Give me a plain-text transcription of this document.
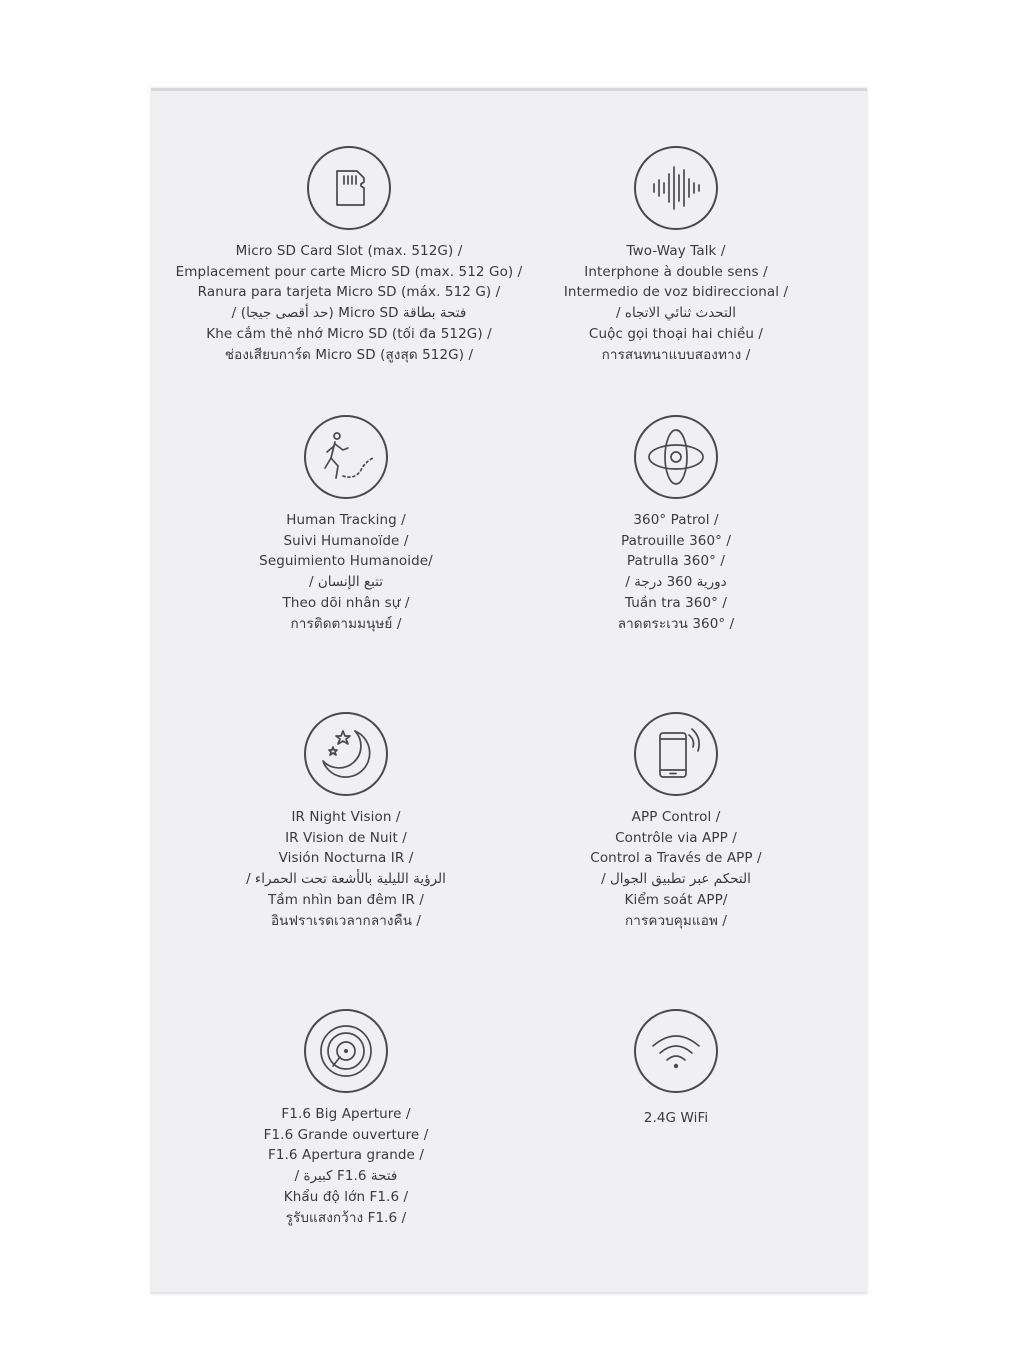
Micro SD Card Slot (max. 512G) /
Emplacement pour carte Micro SD (max. 512 Go) /
Ranura para tarjeta Micro SD (máx. 512 G) /
فتحة بطاقة Micro SD (حد أقصى جيجا) /
Khe cắm thẻ nhớ Micro SD (tối đa 512G) /
ช่องเสียบการ์ด Micro SD (สูงสุด 512G) /
Two-Way Talk /
Interphone à double sens /
Intermedio de voz bidireccional /
التحدث ثنائي الاتجاه /
Cuộc gọi thoại hai chiều /
การสนทนาแบบสองทาง /
Human Tracking /
Suivi Humanoïde /
Seguimiento Humanoide/
تتبع الإنسان /
Theo dõi nhân sự /
การติดตามมนุษย์ /
360° Patrol /
Patrouille 360° /
Patrulla 360° /
دورية 360 درجة /
Tuần tra 360° /
ลาดตระเวน 360° /
IR Night Vision /
IR Vision de Nuit /
Visión Nocturna IR /
الرؤية الليلية بالأشعة تحت الحمراء /
Tầm nhìn ban đêm IR /
อินฟราเรดเวลากลางคืน /
APP Control /
Contrôle via APP /
Control a Través de APP /
التحكم عبر تطبيق الجوال /
Kiểm soát APP/
การควบคุมแอพ /
F1.6 Big Aperture /
F1.6 Grande ouverture /
F1.6 Apertura grande /
فتحة F1.6 كبيرة /
Khẩu độ lớn F1.6 /
รูรับแสงกว้าง F1.6 /
2.4G WiFi
